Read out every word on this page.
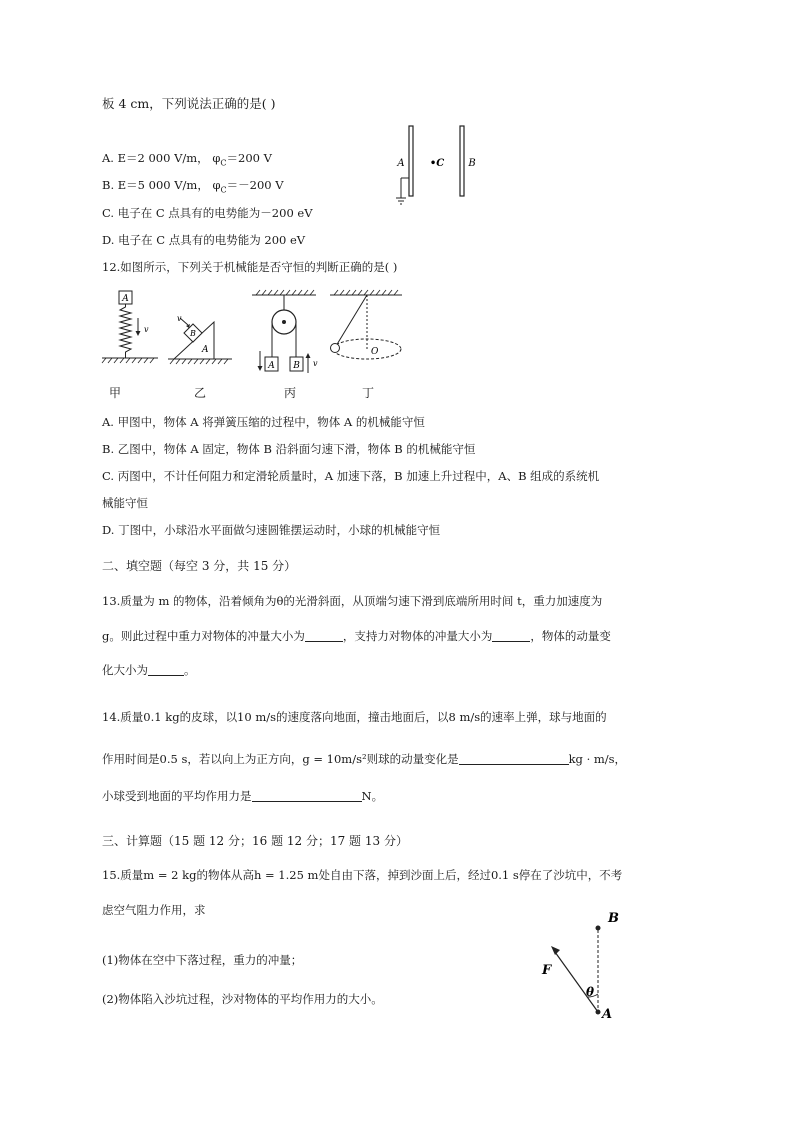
板 4 cm，下列说法正确的是( )
A. E＝2 000 V/m， $\varphi_C=200$ V
B. E＝5 000 V/m， $\varphi_C=-200$ V
C. 电子在 C 点具有的电势能为－200 eV
D. 电子在 C 点具有的电势能为 200 eV
A	•C B
12.如图所示，下列关于机械能是否守恒的判断正确的是( )
A
v
A
B
v
A B v
O
甲	乙	丙	丁
A. 甲图中，物体 A 将弹簧压缩的过程中，物体 A 的机械能守恒
B. 乙图中，物体 A 固定，物体 B 沿斜面匀速下滑，物体 B 的机械能守恒
C. 丙图中，不计任何阻力和定滑轮质量时，A 加速下落，B 加速上升过程中，A、B 组成的系统机
械能守恒
D. 丁图中，小球沿水平面做匀速圆锥摆运动时，小球的机械能守恒
二、填空题（每空 3 分，共 15 分）
13.质量为 m 的物体，沿着倾角为θ的光滑斜面，从顶端匀速下滑到底端所用时间 t，重力加速度为
g。则此过程中重力对物体的冲量大小为	，支持力对物体的冲量大小为	，物体的动量变
化大小为	。
14.质量0.1 kg的皮球，以10 m/s的速度落向地面，撞击地面后，以8 m/s的速率上弹，球与地面的
作用时间是0.5 s，若以向上为正方向，g = 10m/s²则球的动量变化是	kg · m/s，
小球受到地面的平均作用力是	N。
三、计算题（15 题 12 分；16 题 12 分；17 题 13 分）
15.质量m = 2 kg的物体从高h = 1.25 m处自由下落，掉到沙面上后，经过0.1 s停在了沙坑中，不考
虑空气阻力作用，求
(1)物体在空中下落过程，重力的冲量；
(2)物体陷入沙坑过程，沙对物体的平均作用力的大小。
B
F
θ
A
